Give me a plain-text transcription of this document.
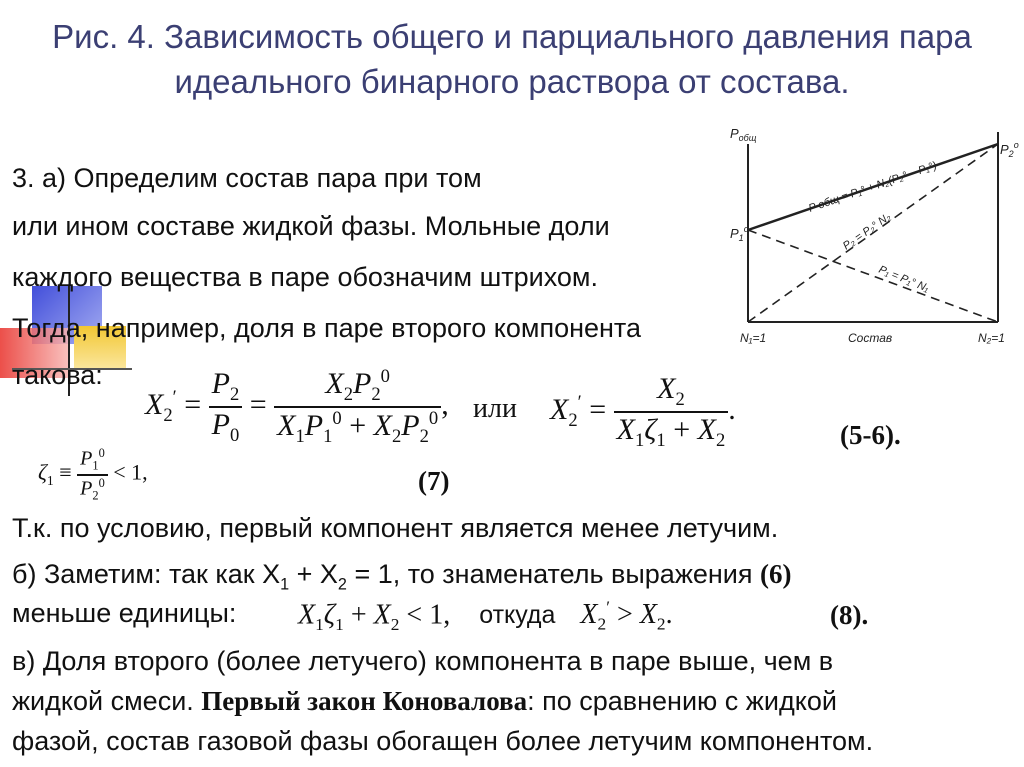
Рис. 4. Зависимость общего и парциального давления пара
идеального бинарного раствора от состава.
3. а) Определим состав пара при том
или ином составе жидкой фазы. Мольные доли
каждого вещества в паре обозначим штрихом.
Тогда, например, доля в паре второго компонента
такова:
$P_{общ}$
$P_1^o$
$P_2^o$
P общ = P₁° + N₂(P₂° – P₁°)
P₂ = P₂° N₂
P₁ = P₁° N₁
N₁=1	Состав	N₂=1
$X_2' = \frac{P_2}{P_0} = \frac{X_2P_2^0}{X_1P_1^0 + X_2P_2^0}$ , или $X_2' = \frac{X_2}{X_1\zeta_1 + X_2}$ .
(5-6).
$\zeta_1 \equiv \frac{P_1^0}{P_2^0} < 1$,	(7)
Т.к. по условию, первый компонент является менее летучим.
б) Заметим: так как $X_1 + X_2 = 1$, то знаменатель выражения (6)
меньше единицы: $X_1\zeta_1 + X_2 < 1$, откуда $X_2' > X_2$.	(8).
в) Доля второго (более летучего) компонента в паре выше, чем в
жидкой смеси. Первый закон Коновалова: по сравнению с жидкой
фазой, состав газовой фазы обогащен более летучим компонентом.
